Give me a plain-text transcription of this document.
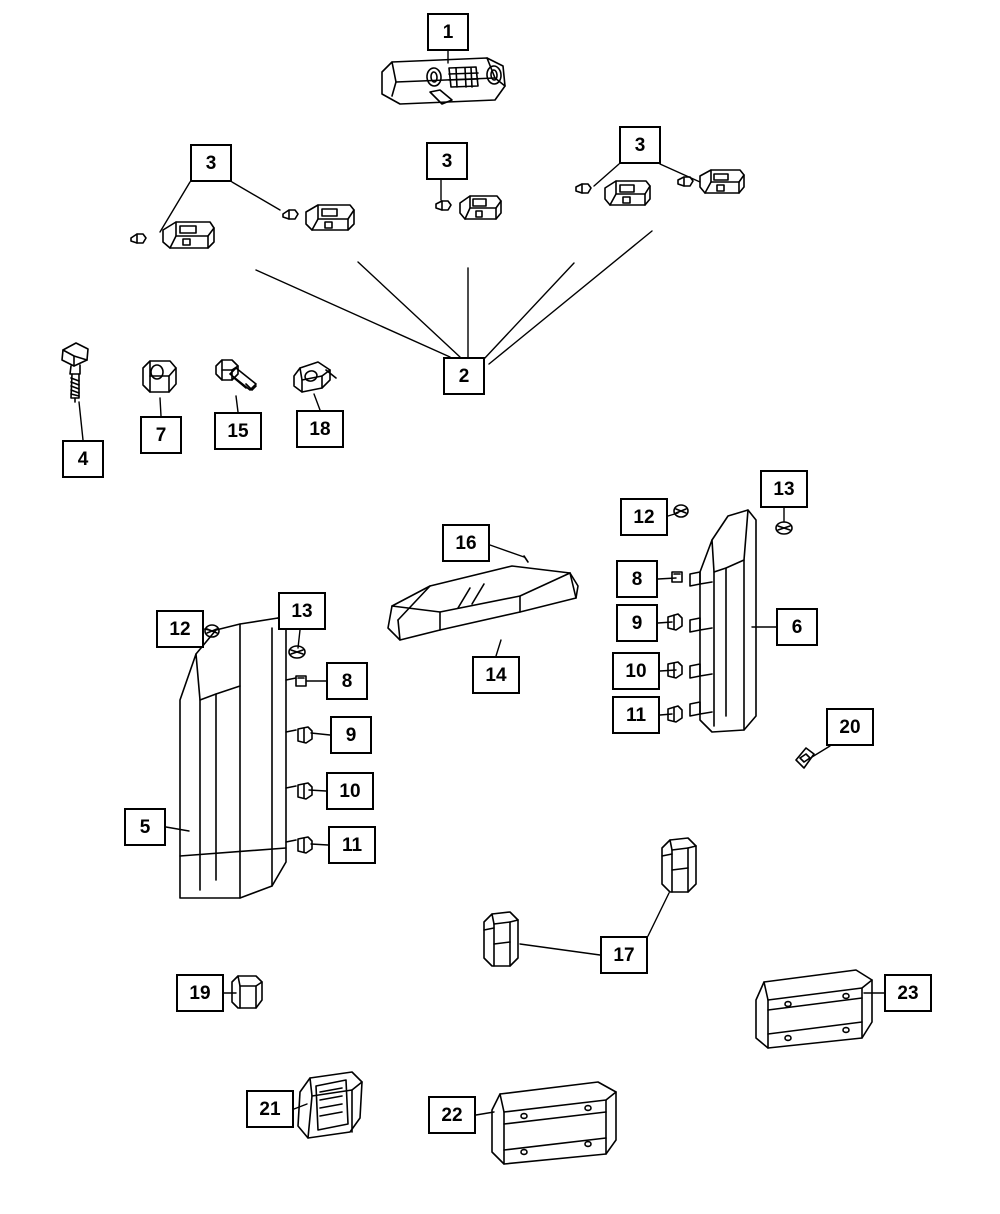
1
3	3
3
2
4
7	15	18
16
14
12
13
8
9
10
11
6
20
12
13
8
9
10
11
5
17
19
21	22
23
